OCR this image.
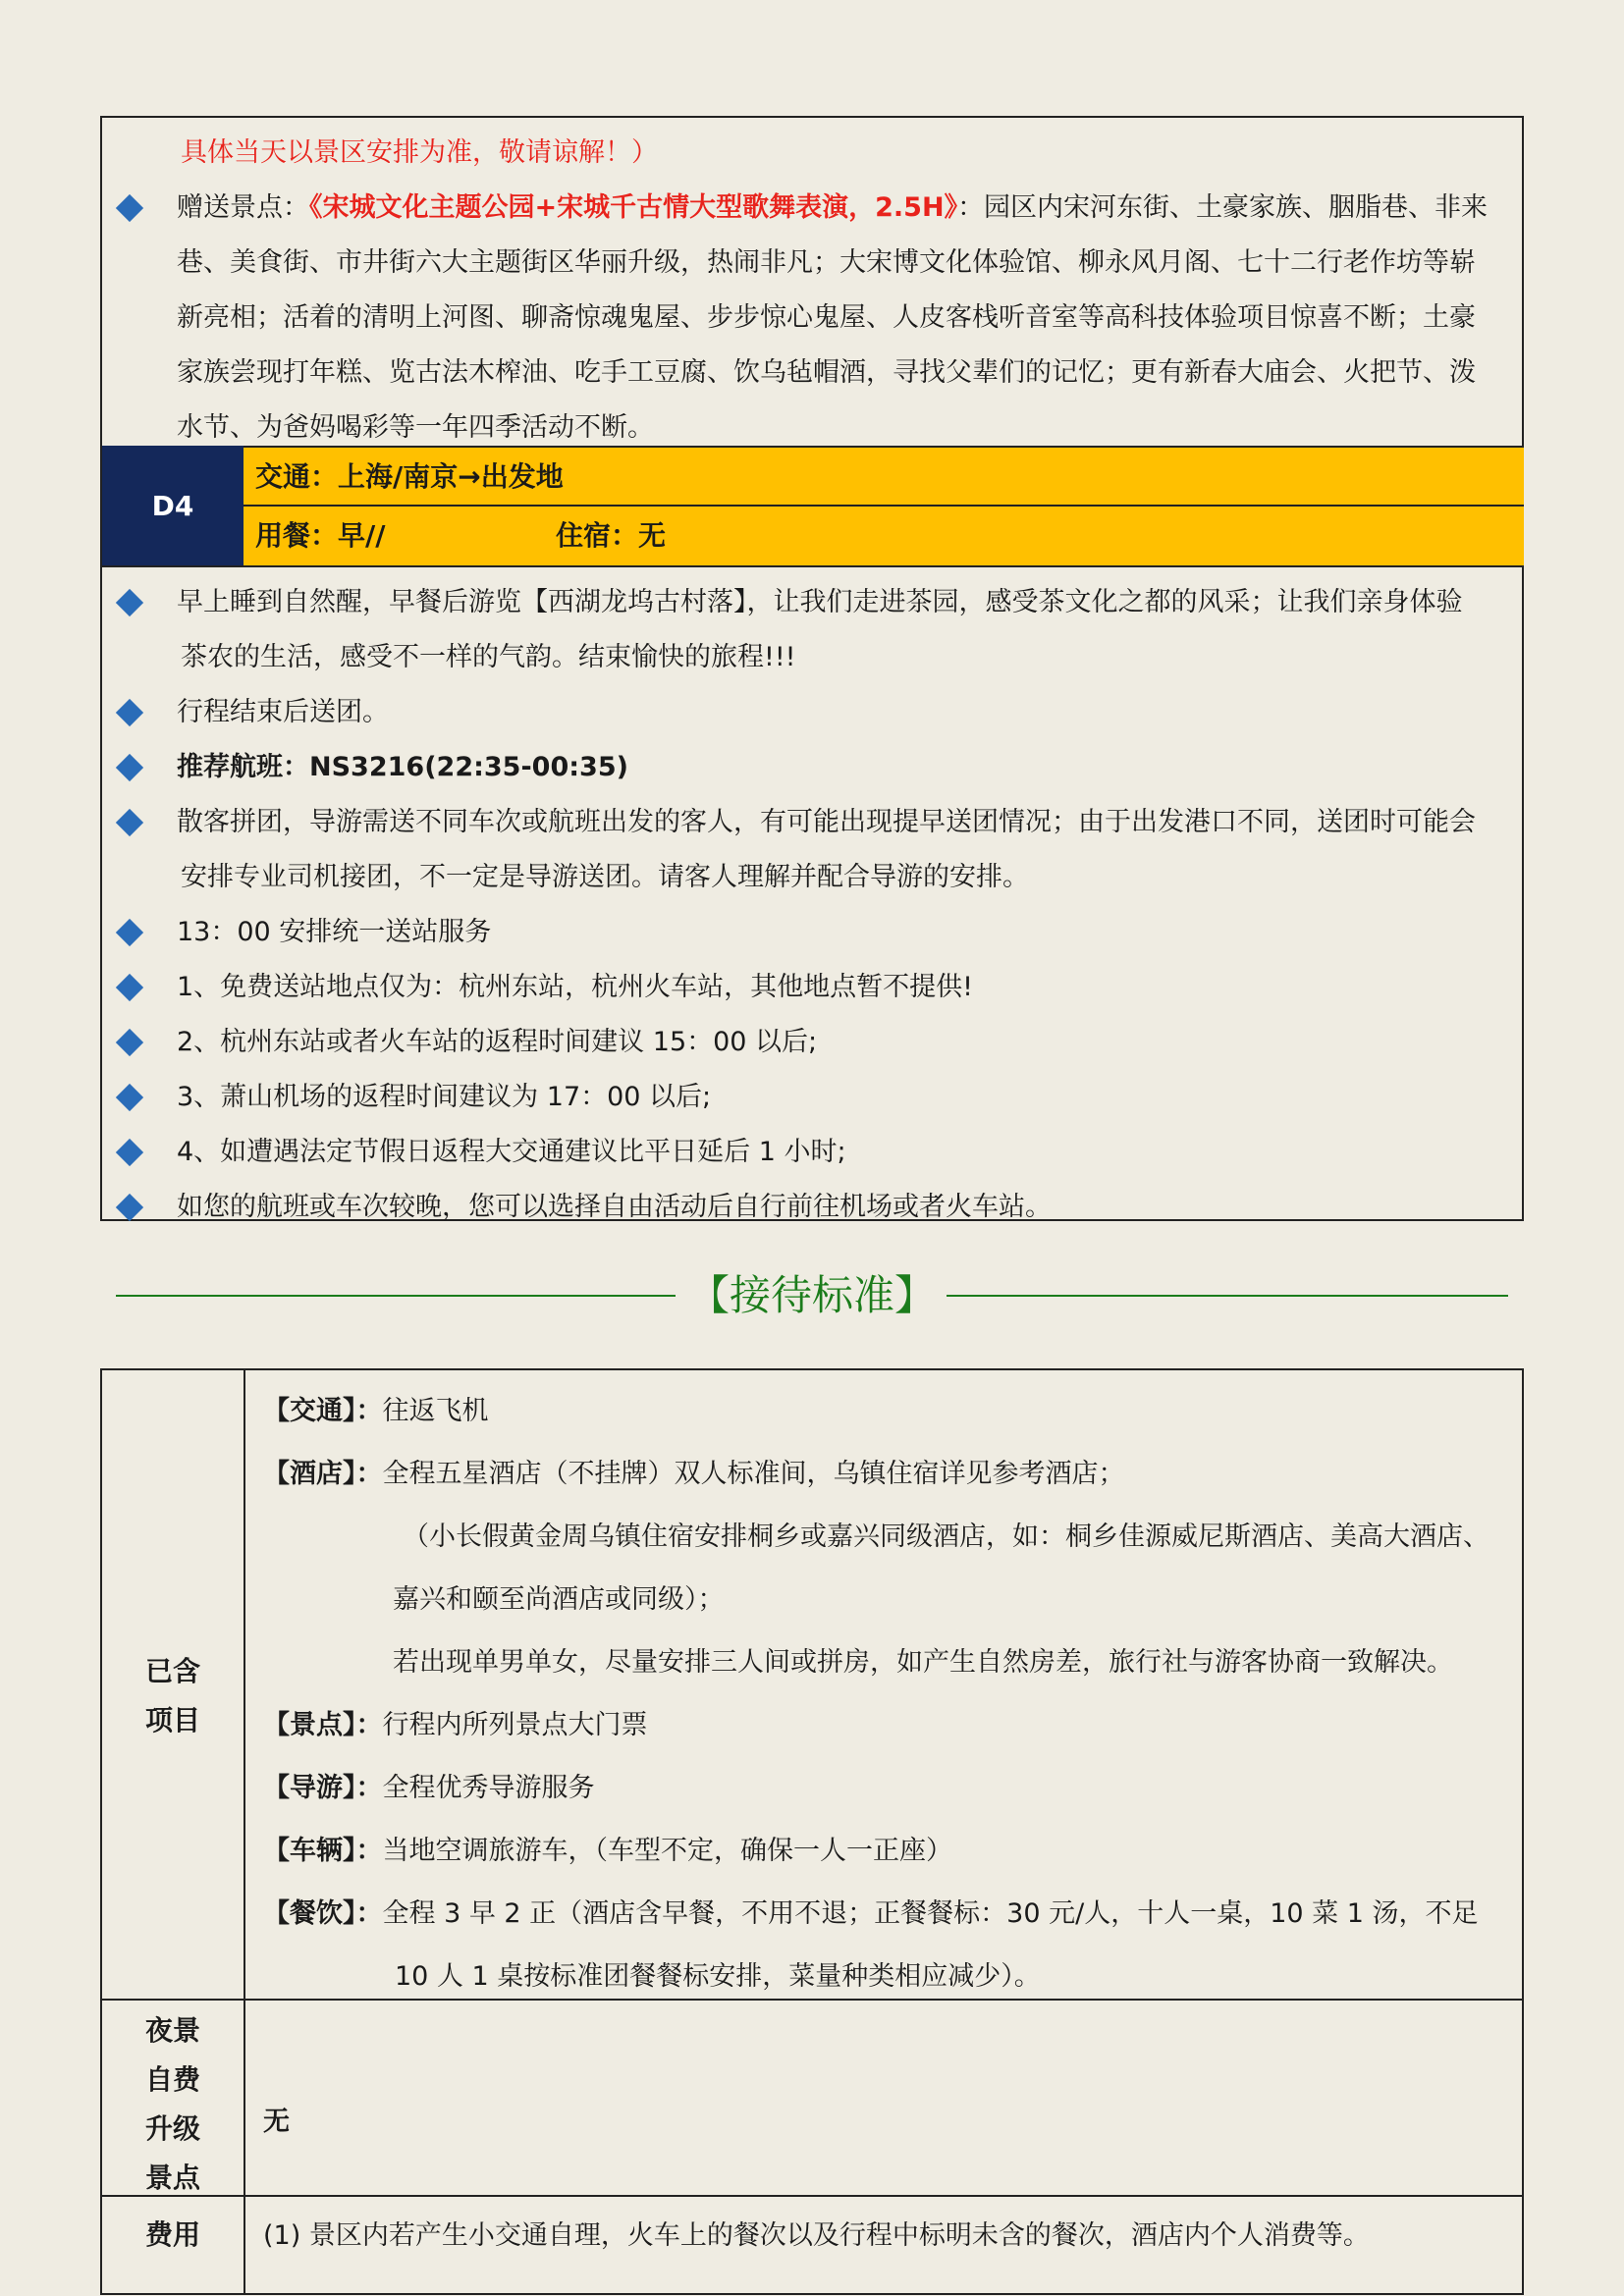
具体当天以景区安排为准，敬请谅解！）
赠送景点：《宋城文化主题公园+宋城千古情大型歌舞表演，2.5H》：园区内宋河东街、土豪家族、胭脂巷、非来
巷、美食街、市井街六大主题街区华丽升级，热闹非凡；大宋博文化体验馆、柳永风月阁、七十二行老作坊等崭
新亮相；活着的清明上河图、聊斋惊魂鬼屋、步步惊心鬼屋、人皮客栈听音室等高科技体验项目惊喜不断；土豪
家族尝现打年糕、览古法木榨油、吃手工豆腐、饮乌毡帽酒，寻找父辈们的记忆；更有新春大庙会、火把节、泼
水节、为爸妈喝彩等一年四季活动不断。
D4
交通：上海/南京→出发地
用餐：早//	住宿：无
早上睡到自然醒，早餐后游览【西湖龙坞古村落】，让我们走进茶园，感受茶文化之都的风采；让我们亲身体验
茶农的生活，感受不一样的气韵。结束愉快的旅程!!!
行程结束后送团。
推荐航班：NS3216(22:35-00:35)
散客拼团，导游需送不同车次或航班出发的客人，有可能出现提早送团情况；由于出发港口不同，送团时可能会
安排专业司机接团，不一定是导游送团。请客人理解并配合导游的安排。
13：00 安排统一送站服务
1、免费送站地点仅为：杭州东站，杭州火车站，其他地点暂不提供!
2、杭州东站或者火车站的返程时间建议 15：00 以后;
3、萧山机场的返程时间建议为 17：00 以后;
4、如遭遇法定节假日返程大交通建议比平日延后 1 小时;
如您的航班或车次较晚，您可以选择自由活动后自行前往机场或者火车站。
【接待标准】
已含
项目
【交通】：往返飞机
【酒店】：全程五星酒店（不挂牌）双人标准间，乌镇住宿详见参考酒店；
（小长假黄金周乌镇住宿安排桐乡或嘉兴同级酒店，如：桐乡佳源威尼斯酒店、美高大酒店、
嘉兴和颐至尚酒店或同级）；
若出现单男单女，尽量安排三人间或拼房，如产生自然房差，旅行社与游客协商一致解决。
【景点】：行程内所列景点大门票
【导游】：全程优秀导游服务
【车辆】：当地空调旅游车，（车型不定，确保一人一正座）
【餐饮】：全程 3 早 2 正（酒店含早餐，不用不退；正餐餐标：30 元/人，十人一桌，10 菜 1 汤，不足
10 人 1 桌按标准团餐餐标安排，菜量种类相应减少）。
夜景
自费
升级
景点
无
费用	(1) 景区内若产生小交通自理，火车上的餐次以及行程中标明未含的餐次，酒店内个人消费等。
